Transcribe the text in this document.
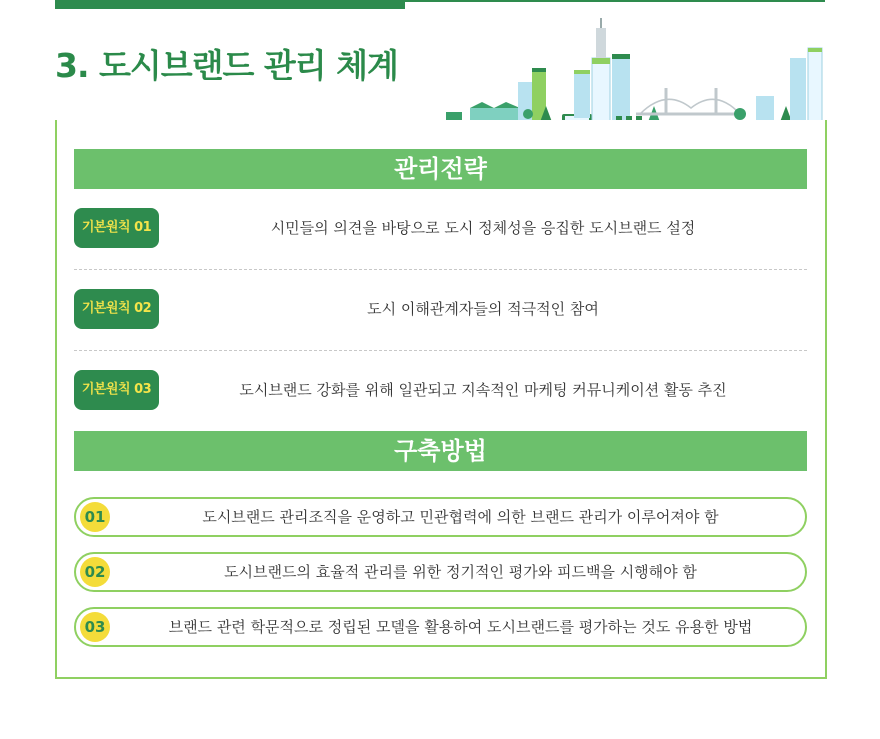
3. 도시브랜드 관리 체계
관리전략
기본원칙 01	시민들의 의견을 바탕으로 도시 정체성을 응집한 도시브랜드 설정
기본원칙 02	도시 이해관계자들의 적극적인 참여
기본원칙 03	도시브랜드 강화를 위해 일관되고 지속적인 마케팅 커뮤니케이션 활동 추진
구축방법
01	도시브랜드 관리조직을 운영하고 민관협력에 의한 브랜드 관리가 이루어져야 함
02	도시브랜드의 효율적 관리를 위한 정기적인 평가와 피드백을 시행해야 함
03	브랜드 관련 학문적으로 정립된 모델을 활용하여 도시브랜드를 평가하는 것도 유용한 방법
